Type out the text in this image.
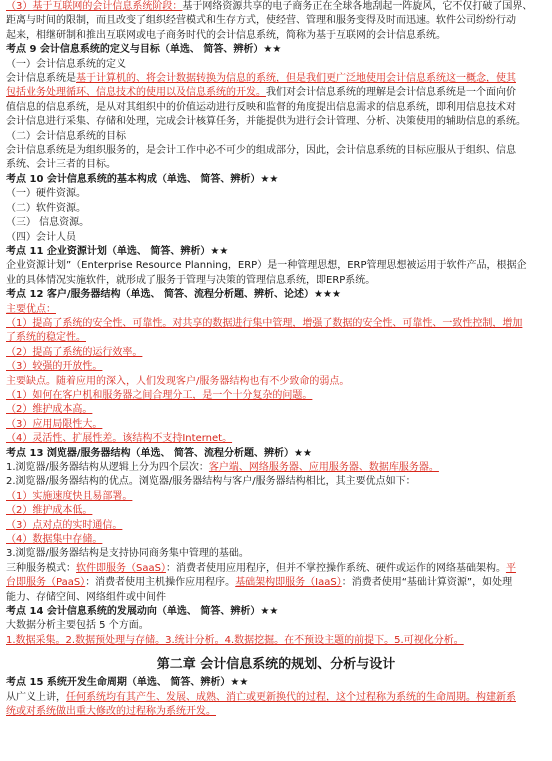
（3）基于互联网的会计信息系统阶段：基于网络资源共享的电子商务正在全球各地刮起一阵旋风，它不仅打破了国界、
距离与时间的限制，而且改变了组织经营模式和生存方式，使经营、管理和服务变得及时而迅速。软件公司纷纷行动
起来，相继研制和推出互联网或电子商务时代的会计信息系统，简称为基于互联网的会计信息系统。
考点 9 会计信息系统的定义与目标（单选、 简答、辨析）★★
（一）会计信息系统的定义
会计信息系统是基于计算机的、将会计数据转换为信息的系统，但是我们更广泛地使用会计信息系统这一概念，使其
包括业务处理循环、信息技术的使用以及信息系统的开发。我们对会计信息系统的理解是会计信息系统是一个面向价
值信息的信息系统，是从对其组织中的价值运动进行反映和监督的角度提出信息需求的信息系统，即利用信息技术对
会计信息进行采集、存储和处理，完成会计核算任务，并能提供为进行会计管理、分析、决策使用的辅助信息的系统。
（二）会计信息系统的目标
会计信息系统是为组织服务的，是会计工作中必不可少的组成部分，因此，会计信息系统的目标应服从于组织、信息
系统、会计三者的目标。
考点 10 会计信息系统的基本构成（单选、 简答、辨析）★★
（一）硬件资源。
（二）软件资源。
（三） 信息资源。
（四）会计人员
考点 11 企业资源计划（单选、 简答、辨析）★★
企业资源计划”（Enterprise Resource Planning，ERP）是一种管理思想，ERP管理思想被运用于软件产品，根据企
业的具体情况实施软件，就形成了服务于管理与决策的管理信息系统，即ERP系统。
考点 12 客户/服务器结构（单选、 简答、流程分析题、辨析、论述）★★★
主要优点：
（1）提高了系统的安全性、可靠性。对共享的数据进行集中管理，增强了数据的安全性、可靠性、一致性控制，增加
了系统的稳定性。
（2）提高了系统的运行效率。
（3）较强的开放性。
主要缺点。随着应用的深入，人们发现客户/服务器结构也有不少致命的弱点。
（1）如何在客户机和服务器之间合理分工，是一个十分复杂的问题。
（2）维护成本高。
（3）应用局限性大。
（4）灵活性、扩展性差。该结构不支持Internet。
考点 13 浏览器/服务器结构（单选、 简答、流程分析题、辨析）★★
1.浏览器/服务器结构从逻辑上分为四个层次：客户端、网络服务器、应用服务器、数据库服务器。
2.浏览器/服务器结构的优点。浏览器/服务器结构与客户/服务器结构相比，其主要优点如下：
（1）实施速度快且易部署。
（2）维护成本低。
（3）点对点的实时通信。
（4）数据集中存储。
3.浏览器/服务器结构是支持协同商务集中管理的基础。
三种服务模式：软件即服务（SaaS）：消费者使用应用程序，但并不掌控操作系统、硬件或运作的网络基础架构。平
台即服务（PaaS）：消费者使用主机操作应用程序。基础架构即服务（IaaS）：消费者使用“基础计算资源”，如处理
能力、存储空间、网络组件或中间件
考点 14 会计信息系统的发展动向（单选、 简答、辨析）★★
大数据分析主要包括 5 个方面。
1.数据采集。2.数据预处理与存储。3.统计分析。4.数据挖掘。在不预设主题的前提下。5.可视化分析。
第二章 会计信息系统的规划、分析与设计
考点 15 系统开发生命周期（单选、 简答、辨析）★★
从广义上讲，任何系统均有其产生、发展、成熟、消亡或更新换代的过程，这个过程称为系统的生命周期。构建新系
统或对系统做出重大修改的过程称为系统开发。
